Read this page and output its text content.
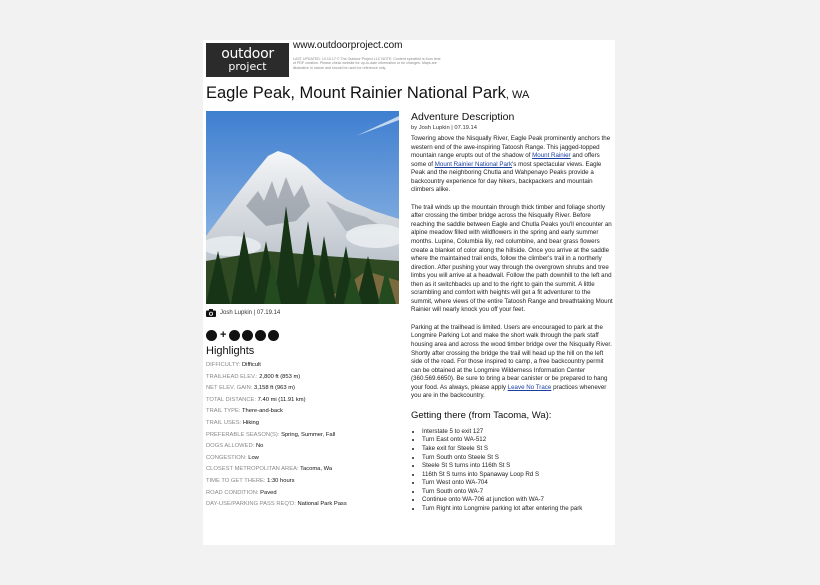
outdoor
project
www.outdoorproject.com
LAST UPDATED: 10.10.17 © The Outdoor Project LLC NOTE: Content specified is from time of PDF creation. Please check website for up-to-date information or for changes. Maps are illustrative in nature and should be used for reference only.
Eagle Peak, Mount Rainier National Park, WA
Josh Lupkin | 07.19.14
+
Highlights
DIFFICULTY: Difficult
TRAILHEAD ELEV.: 2,800 ft (853 m)
NET ELEV. GAIN: 3,158 ft (963 m)
TOTAL DISTANCE: 7.40 mi (11.91 km)
TRAIL TYPE: There-and-back
TRAIL USES: Hiking
PREFERABLE SEASON(S): Spring, Summer, Fall
DOGS ALLOWED: No
CONGESTION: Low
CLOSEST METROPOLITAN AREA: Tacoma, Wa
TIME TO GET THERE: 1:30 hours
ROAD CONDITION: Paved
DAY-USE/PARKING PASS REQ'D: National Park Pass
Adventure Description
by Josh Lupkin | 07.19.14

Towering above the Nisqually River, Eagle Peak prominently anchors the western end of the awe-inspiring Tatoosh Range. This jagged-topped mountain range erupts out of the shadow of Mount Rainier and offers some of Mount Rainier National Park's most spectacular views. Eagle Peak and the neighboring Chutla and Wahpenayo Peaks provide a backcountry experience for day hikers, backpackers and mountain climbers alike.

The trail winds up the mountain through thick timber and foliage shortly after crossing the timber bridge across the Nisqually River. Before reaching the saddle between Eagle and Chutla Peaks you'll encounter an alpine meadow filled with wildflowers in the spring and early summer months. Lupine, Columbia lily, red columbine, and bear grass flowers create a blanket of color along the hillside. Once you arrive at the saddle where the maintained trail ends, follow the climber's trail in a northerly direction. After pushing your way through the overgrown shrubs and tree limbs you will arrive at a headwall. Follow the path downhill to the left and then as it switchbacks up and to the right to gain the summit. A little scrambling and comfort with heights will get a fit adventurer to the summit, where views of the entire Tatoosh Range and breathtaking Mount Rainier will nearly knock you off your feet.

Parking at the trailhead is limited. Users are encouraged to park at the Longmire Parking Lot and make the short walk through the park staff housing area and across the wood timber bridge over the Nisqually River. Shortly after crossing the bridge the trail will head up the hill on the left side of the road. For those inspired to camp, a free backcountry permit can be obtained at the Longmire Wilderness Information Center (360.569.6650). Be sure to bring a bear canister or be prepared to hang your food. As always, please apply Leave No Trace practices whenever you are in the backcountry.

Getting there (from Tacoma, Wa):
• Interstate 5 to exit 127
• Turn East onto WA-512
• Take exit for Steele St S
• Turn South onto Steele St S
• Steele St S turns into 116th St S
• 116th St S turns into Spanaway Loop Rd S
• Turn West onto WA-704
• Turn South onto WA-7
• Continue onto WA-706 at junction with WA-7
• Turn Right into Longmire parking lot after entering the park
